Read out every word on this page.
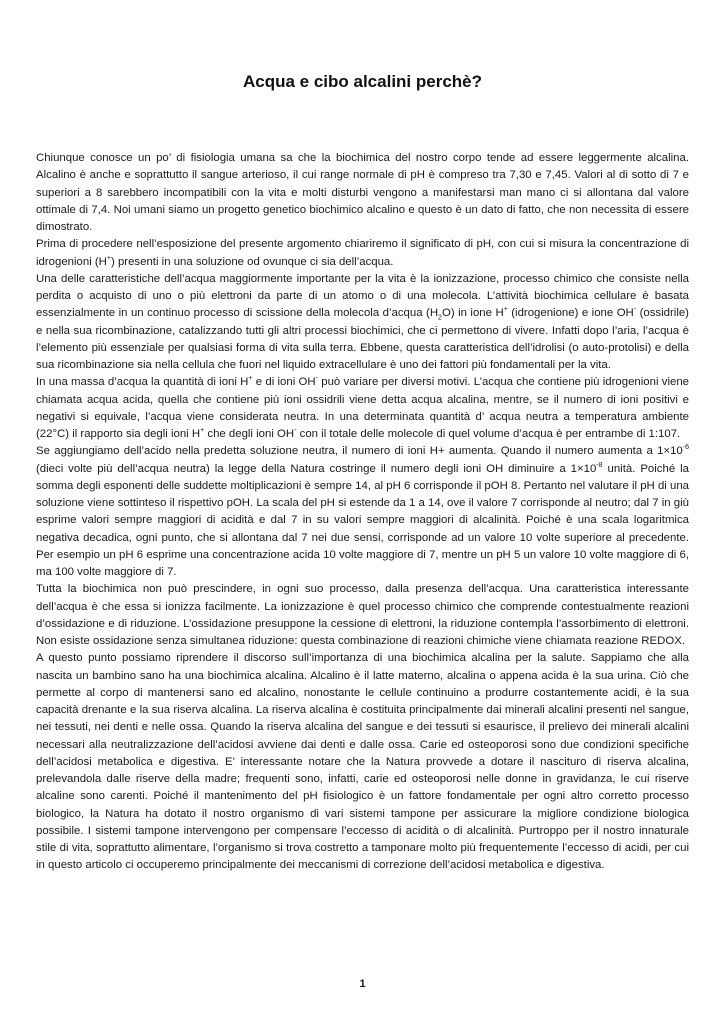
Acqua e cibo alcalini perchè?

Chiunque conosce un po’ di fisiologia umana sa che la biochimica del nostro corpo tende ad essere leggermente alcalina. Alcalino è anche e soprattutto il sangue arterioso, il cui range normale di pH è compreso tra 7,30 e 7,45. Valori al di sotto di 7 e superiori a 8 sarebbero incompatibili con la vita e molti disturbi vengono a manifestarsi man mano ci si allontana dal valore ottimale di 7,4. Noi umani siamo un progetto genetico biochimico alcalino e questo è un dato di fatto, che non necessita di essere dimostrato.

Prima di procedere nell’esposizione del presente argomento chiariremo il significato di pH, con cui si misura la concentrazione di idrogenioni (H+) presenti in una soluzione od ovunque ci sia dell’acqua.

Una delle caratteristiche dell’acqua maggiormente importante per la vita è la ionizzazione, processo chimico che consiste nella perdita o acquisto di uno o più elettroni da parte di un atomo o di una molecola. L’attività biochimica cellulare è basata essenzialmente in un continuo processo di scissione della molecola d’acqua $(H_2O)$ in ione H+ (idrogenione) e ione OH- (ossidrile) e nella sua ricombinazione, catalizzando tutti gli altri processi biochimici, che ci permettono di vivere. Infatti dopo l’aria, l’acqua è l’elemento più essenziale per qualsiasi forma di vita sulla terra. Ebbene, questa caratteristica dell’idrolisi (o auto-protolisi) e della sua ricombinazione sia nella cellula che fuori nel liquido extracellulare è uno dei fattori più fondamentali per la vita.

In una massa d’acqua la quantità di ioni H+ e di ioni OH- può variare per diversi motivi. L’acqua che contiene più idrogenioni viene chiamata acqua acida, quella che contiene più ioni ossidrili viene detta acqua alcalina, mentre, se il numero di ioni positivi e negativi si equivale, l’acqua viene considerata neutra. In una determinata quantità d’ acqua neutra a temperatura ambiente (22°C) il rapporto sia degli ioni H+ che degli ioni OH- con il totale delle molecole di quel volume d’acqua è per entrambe di 1:107.

Se aggiungiamo dell’acido nella predetta soluzione neutra, il numero di ioni H+ aumenta. Quando il numero aumenta a $1\times 10^{-6}$ (dieci volte più dell’acqua neutra) la legge della Natura costringe il numero degli ioni OH diminuire a $1\times 10^{-8}$ unità. Poiché la somma degli esponenti delle suddette moltiplicazioni è sempre 14, al pH 6 corrisponde il pOH 8. Pertanto nel valutare il pH di una soluzione viene sottinteso il rispettivo pOH. La scala del pH si estende da 1 a 14, ove il valore 7 corrisponde al neutro; dal 7 in giù esprime valori sempre maggiori di acidità e dal 7 in su valori sempre maggiori di alcalinità. Poiché è una scala logaritmica negativa decadica, ogni punto, che si allontana dal 7 nei due sensi, corrisponde ad un valore 10 volte superiore al precedente. Per esempio un pH 6 esprime una concentrazione acida 10 volte maggiore di 7, mentre un pH 5 un valore 10 volte maggiore di 6, ma 100 volte maggiore di 7.

Tutta la biochimica non può prescindere, in ogni suo processo, dalla presenza dell’acqua. Una caratteristica interessante dell’acqua è che essa si ionizza facilmente. La ionizzazione è quel processo chimico che comprende contestualmente reazioni d’ossidazione e di riduzione. L’ossidazione presuppone la cessione di elettroni, la riduzione contempla l’assorbimento di elettroni. Non esiste ossidazione senza simultanea riduzione: questa combinazione di reazioni chimiche viene chiamata reazione REDOX.

A questo punto possiamo riprendere il discorso sull’importanza di una biochimica alcalina per la salute. Sappiamo che alla nascita un bambino sano ha una biochimica alcalina. Alcalino è il latte materno, alcalina o appena acida è la sua urina. Ciò che permette al corpo di mantenersi sano ed alcalino, nonostante le cellule continuino a produrre costantemente acidi, è la sua capacità drenante e la sua riserva alcalina. La riserva alcalina è costituita principalmente dai minerali alcalini presenti nel sangue, nei tessuti, nei denti e nelle ossa. Quando la riserva alcalina del sangue e dei tessuti si esaurisce, il prelievo dei minerali alcalini necessari alla neutralizzazione dell’acidosi avviene dai denti e dalle ossa. Carie ed osteoporosi sono due condizioni specifiche dell’acidosi metabolica e digestiva. E’ interessante notare che la Natura provvede a dotare il nascituro di riserva alcalina, prelevandola dalle riserve della madre; frequenti sono, infatti, carie ed osteoporosi nelle donne in gravidanza, le cui riserve alcaline sono carenti. Poiché il mantenimento del pH fisiologico è un fattore fondamentale per ogni altro corretto processo biologico, la Natura ha dotato il nostro organismo di vari sistemi tampone per assicurare la migliore condizione biologica possibile. I sistemi tampone intervengono per compensare l’eccesso di acidità o di alcalinità. Purtroppo per il nostro innaturale stile di vita, soprattutto alimentare, l’organismo si trova costretto a tamponare molto più frequentemente l’eccesso di acidi, per cui in questo articolo ci occuperemo principalmente dei meccanismi di correzione dell’acidosi metabolica e digestiva.

1
